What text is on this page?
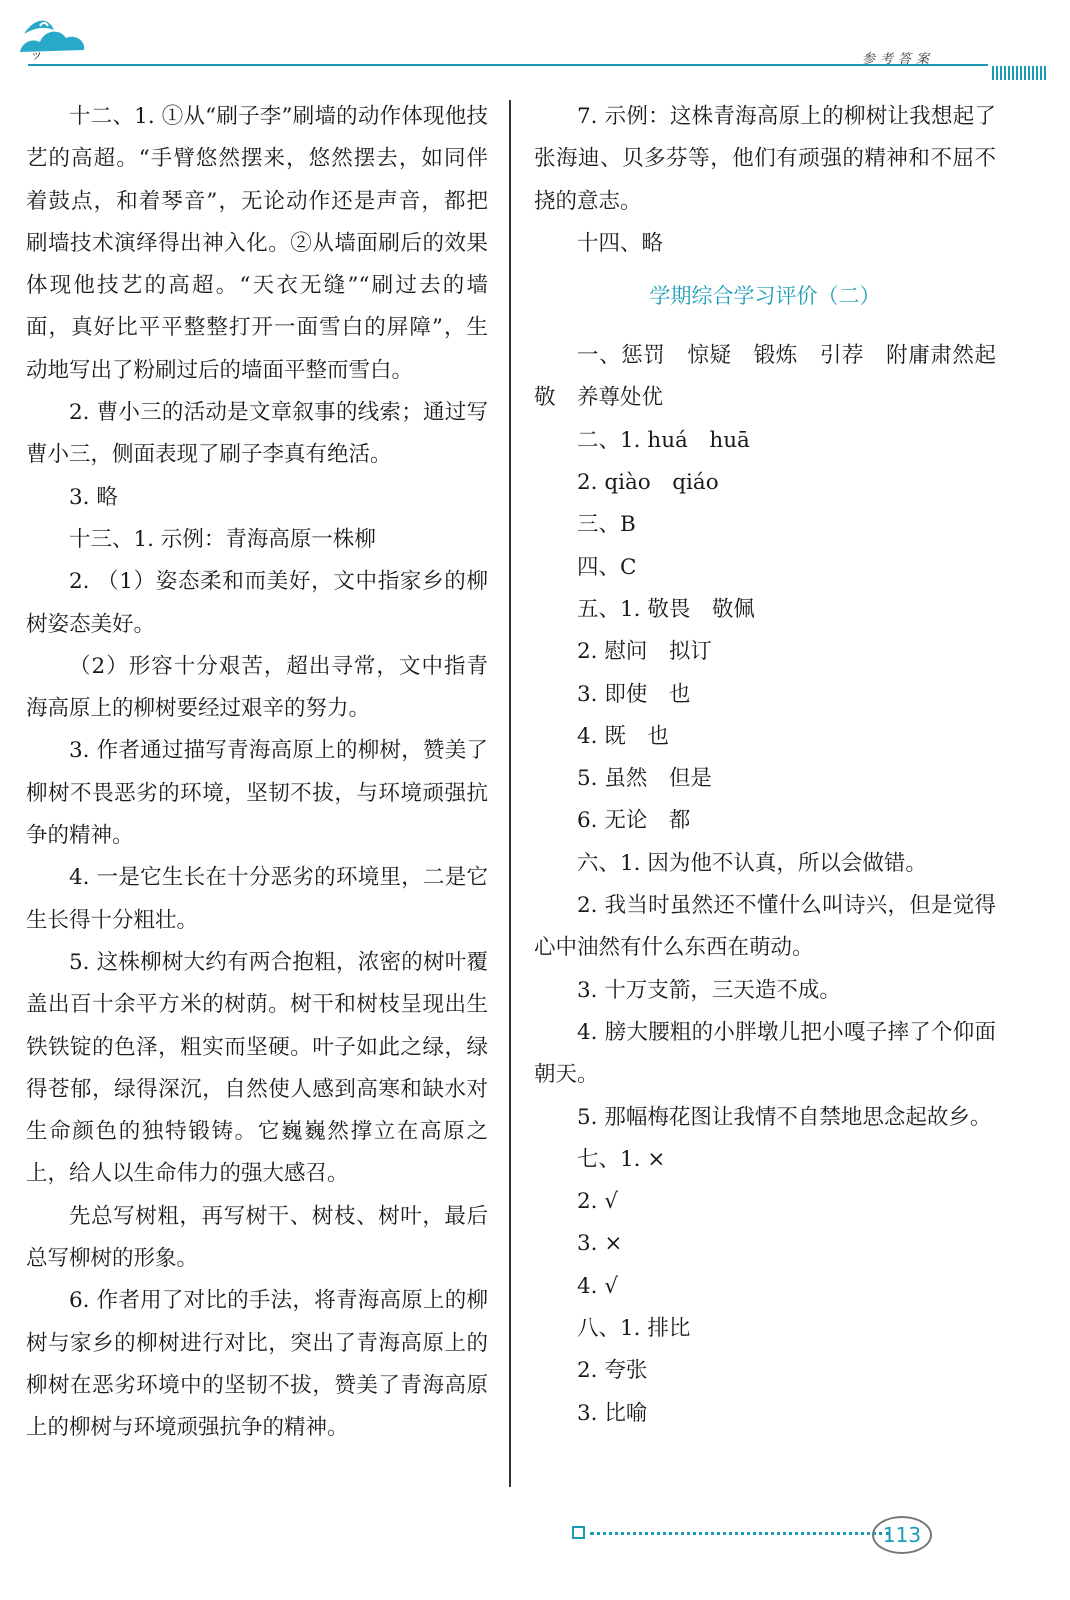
ッ	参考答案

十二、1. ①从“刷子李”刷墙的动作体现他技艺的高超。“手臂悠然摆来，悠然摆去，如同伴着鼓点，和着琴音”，无论动作还是声音，都把刷墙技术演绎得出神入化。②从墙面刷后的效果体现他技艺的高超。“天衣无缝”“刷过去的墙面，真好比平平整整打开一面雪白的屏障”，生动地写出了粉刷过后的墙面平整而雪白。

2. 曹小三的活动是文章叙事的线索；通过写曹小三，侧面表现了刷子李真有绝活。

3. 略

十三、1. 示例：青海高原一株柳

2. （1）姿态柔和而美好，文中指家乡的柳树姿态美好。

（2）形容十分艰苦，超出寻常，文中指青海高原上的柳树要经过艰辛的努力。

3. 作者通过描写青海高原上的柳树，赞美了柳树不畏恶劣的环境，坚韧不拔，与环境顽强抗争的精神。

4. 一是它生长在十分恶劣的环境里，二是它生长得十分粗壮。

5. 这株柳树大约有两合抱粗，浓密的树叶覆盖出百十余平方米的树荫。树干和树枝呈现出生铁铁锭的色泽，粗实而坚硬。叶子如此之绿，绿得苍郁，绿得深沉，自然使人感到高寒和缺水对生命颜色的独特锻铸。它巍巍然撑立在高原之上，给人以生命伟力的强大感召。

先总写树粗，再写树干、树枝、树叶，最后总写柳树的形象。

6. 作者用了对比的手法，将青海高原上的柳树与家乡的柳树进行对比，突出了青海高原上的柳树在恶劣环境中的坚韧不拔，赞美了青海高原上的柳树与环境顽强抗争的精神。

7. 示例：这株青海高原上的柳树让我想起了张海迪、贝多芬等，他们有顽强的精神和不屈不挠的意志。

十四、略

学期综合学习评价（二）

一、惩罚　惊疑　锻炼　引荐　附庸肃然起敬　养尊处优

二、1. huá　huā

2. qiào　qiáo

三、B

四、C

五、1. 敬畏　敬佩

2. 慰问　拟订

3. 即使　也

4. 既　也

5. 虽然　但是

6. 无论　都

六、1. 因为他不认真，所以会做错。

2. 我当时虽然还不懂什么叫诗兴，但是觉得心中油然有什么东西在萌动。

3. 十万支箭，三天造不成。

4. 膀大腰粗的小胖墩儿把小嘎子摔了个仰面朝天。

5. 那幅梅花图让我情不自禁地思念起故乡。

七、1. ×

2. √

3. ×

4. √

八、1. 排比

2. 夸张

3. 比喻

113
